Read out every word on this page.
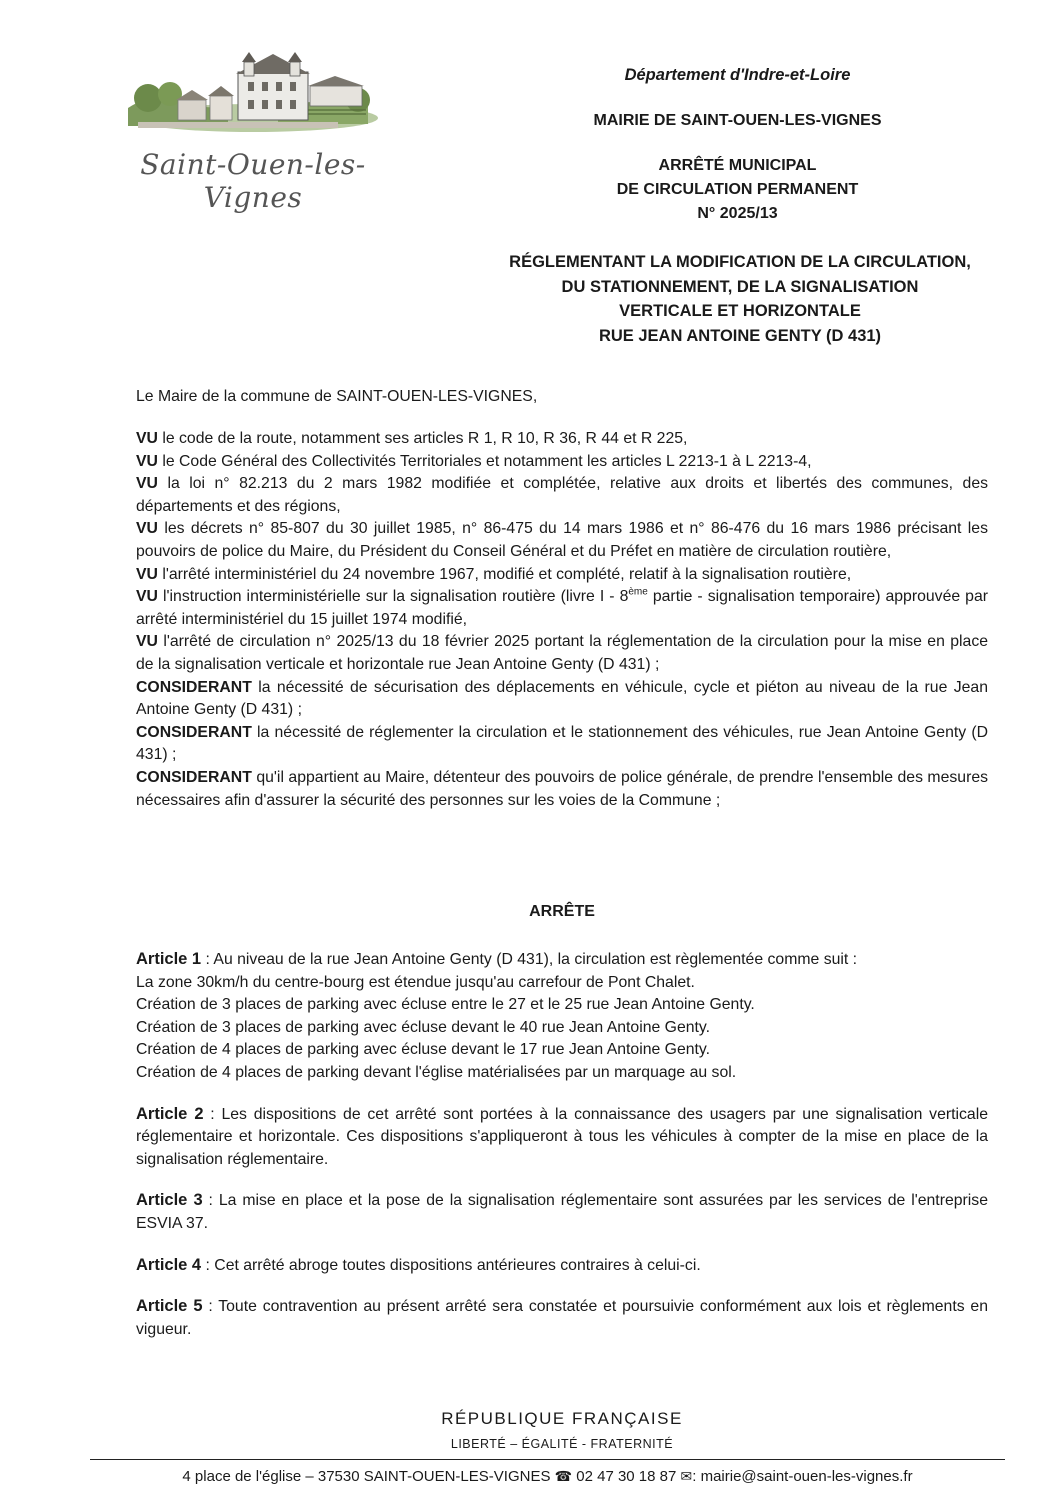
Saint-Ouen-les-Vignes
Département d'Indre-et-Loire
MAIRIE DE SAINT-OUEN-LES-VIGNES
ARRÊTÉ MUNICIPAL
DE CIRCULATION PERMANENT
N° 2025/13
RÉGLEMENTANT LA MODIFICATION DE LA CIRCULATION,
DU STATIONNEMENT, DE LA SIGNALISATION
VERTICALE ET HORIZONTALE
RUE JEAN ANTOINE GENTY (D 431)
Le Maire de la commune de SAINT-OUEN-LES-VIGNES,

VU le code de la route, notamment ses articles R 1, R 10, R 36, R 44 et R 225,

VU le Code Général des Collectivités Territoriales et notamment les articles L 2213-1 à L 2213-4,

VU la loi n° 82.213 du 2 mars 1982 modifiée et complétée, relative aux droits et libertés des communes, des départements et des régions,

VU les décrets n° 85-807 du 30 juillet 1985, n° 86-475 du 14 mars 1986 et n° 86-476 du 16 mars 1986 précisant les pouvoirs de police du Maire, du Président du Conseil Général et du Préfet en matière de circulation routière,

VU l'arrêté interministériel du 24 novembre 1967, modifié et complété, relatif à la signalisation routière,

VU l'instruction interministérielle sur la signalisation routière (livre I - 8ème partie - signalisation temporaire) approuvée par arrêté interministériel du 15 juillet 1974 modifié,

VU l'arrêté de circulation n° 2025/13 du 18 février 2025 portant la réglementation de la circulation pour la mise en place de la signalisation verticale et horizontale rue Jean Antoine Genty (D 431) ;

CONSIDERANT la nécessité de sécurisation des déplacements en véhicule, cycle et piéton au niveau de la rue Jean Antoine Genty (D 431) ;

CONSIDERANT la nécessité de réglementer la circulation et le stationnement des véhicules, rue Jean Antoine Genty (D 431) ;

CONSIDERANT qu'il appartient au Maire, détenteur des pouvoirs de police générale, de prendre l'ensemble des mesures nécessaires afin d'assurer la sécurité des personnes sur les voies de la Commune ;

ARRÊTE

Article 1 : Au niveau de la rue Jean Antoine Genty (D 431), la circulation est règlementée comme suit :

La zone 30km/h du centre-bourg est étendue jusqu'au carrefour de Pont Chalet.

Création de 3 places de parking avec écluse entre le 27 et le 25 rue Jean Antoine Genty.

Création de 3 places de parking avec écluse devant le 40 rue Jean Antoine Genty.

Création de 4 places de parking avec écluse devant le 17 rue Jean Antoine Genty.

Création de 4 places de parking devant l'église matérialisées par un marquage au sol.

Article 2 : Les dispositions de cet arrêté sont portées à la connaissance des usagers par une signalisation verticale réglementaire et horizontale. Ces dispositions s'appliqueront à tous les véhicules à compter de la mise en place de la signalisation réglementaire.

Article 3 : La mise en place et la pose de la signalisation réglementaire sont assurées par les services de l'entreprise ESVIA 37.

Article 4 : Cet arrêté abroge toutes dispositions antérieures contraires à celui-ci.

Article 5 : Toute contravention au présent arrêté sera constatée et poursuivie conformément aux lois et règlements en vigueur.

RÉPUBLIQUE FRANÇAISE
LIBERTÉ – ÉGALITÉ - FRATERNITÉ
4 place de l'église – 37530 SAINT-OUEN-LES-VIGNES ☎ 02 47 30 18 87 ✉: mairie@saint-ouen-les-vignes.fr
